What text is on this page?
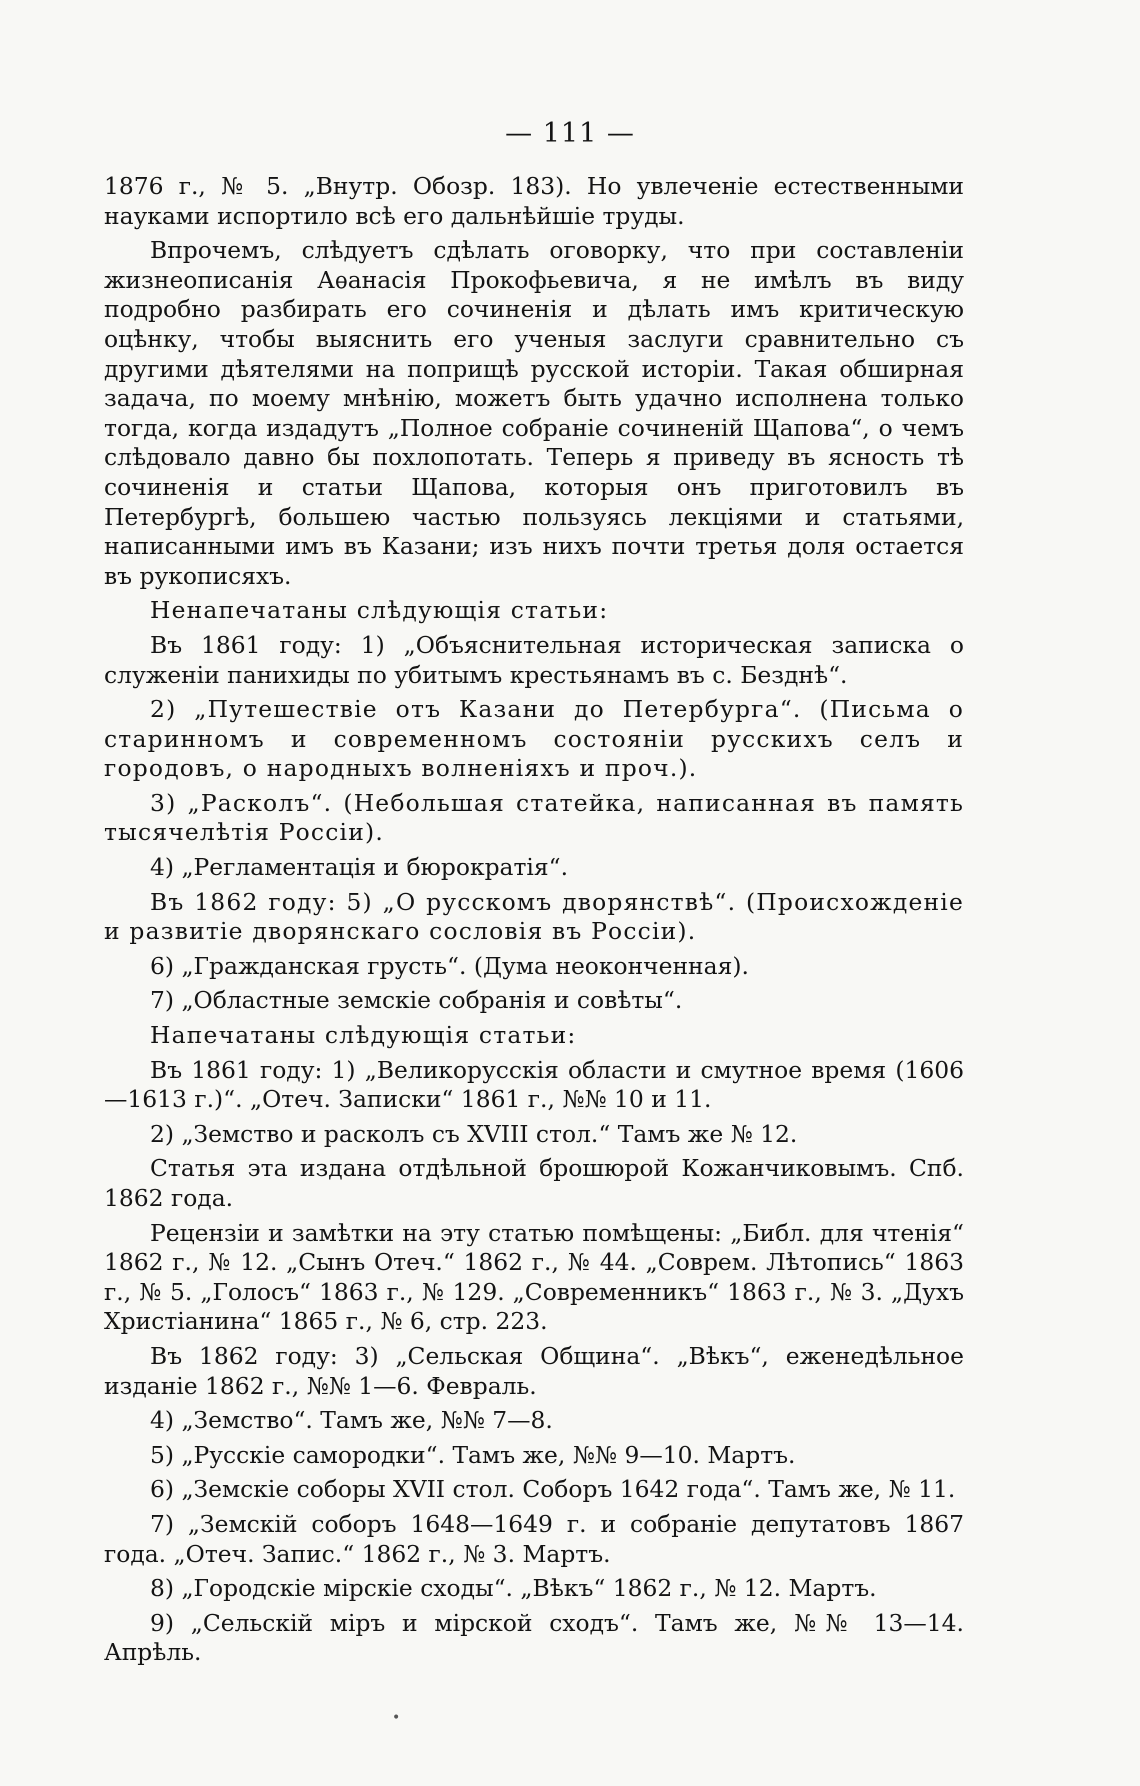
— 111 —

1876 г., № 5. „Внутр. Обозр. 183). Но увлеченіе естественными науками испортило всѣ его дальнѣйшіе труды.

Впрочемъ, слѣдуетъ сдѣлать оговорку, что при составленіи жизнеописанія Аѳанасія Прокофьевича, я не имѣлъ въ виду подробно разбирать его сочиненія и дѣлать имъ критическую оцѣнку, чтобы выяснить его ученыя заслуги сравнительно съ другими дѣятелями на поприщѣ русской исторіи. Такая обширная задача, по моему мнѣнію, можетъ быть удачно исполнена только тогда, когда издадутъ „Полное собраніе сочиненій Щапова“, о чемъ слѣдовало давно бы похлопотать. Теперь я приведу въ ясность тѣ сочиненія и статьи Щапова, которыя онъ приготовилъ въ Петербургѣ, большею частью пользуясь лекціями и статьями, написанными имъ въ Казани; изъ нихъ почти третья доля остается въ рукописяхъ.

Ненапечатаны слѣдующія статьи:

Въ 1861 году: 1) „Объяснительная историческая записка о служеніи панихиды по убитымъ крестьянамъ въ с. Безднѣ“.

2) „Путешествіе отъ Казани до Петербурга“. (Письма о старинномъ и современномъ состояніи русскихъ селъ и городовъ, о народныхъ волненіяхъ и проч.).

3) „Расколъ“. (Небольшая статейка, написанная въ память тысячелѣтія Россіи).

4) „Регламентація и бюрократія“.

Въ 1862 году: 5) „О русскомъ дворянствѣ“. (Происхожденіе и развитіе дворянскаго сословія въ Россіи).

6) „Гражданская грусть“. (Дума неоконченная).

7) „Областные земскіе собранія и совѣты“.

Напечатаны слѣдующія статьи:

Въ 1861 году: 1) „Великорусскія области и смутное время (1606—1613 г.)“. „Отеч. Записки“ 1861 г., №№ 10 и 11.

2) „Земство и расколъ съ XVIII стол.“ Тамъ же № 12.

Статья эта издана отдѣльной брошюрой Кожанчиковымъ. Спб. 1862 года.

Рецензіи и замѣтки на эту статью помѣщены: „Библ. для чтенія“ 1862 г., № 12. „Сынъ Отеч.“ 1862 г., № 44. „Соврем. Лѣтопись“ 1863 г., № 5. „Голосъ“ 1863 г., № 129. „Современникъ“ 1863 г., № 3. „Духъ Христіанина“ 1865 г., № 6, стр. 223.

Въ 1862 году: 3) „Сельская Община“. „Вѣкъ“, еженедѣльное изданіе 1862 г., №№ 1—6. Февраль.

4) „Земство“. Тамъ же, №№ 7—8.

5) „Русскіе самородки“. Тамъ же, №№ 9—10. Мартъ.

6) „Земскіе соборы XVII стол. Соборъ 1642 года“. Тамъ же, № 11.

7) „Земскій соборъ 1648—1649 г. и собраніе депутатовъ 1867 года. „Отеч. Запис.“ 1862 г., № 3. Мартъ.

8) „Городскіе мірскіе сходы“. „Вѣкъ“ 1862 г., № 12. Мартъ.

9) „Сельскій міръ и мірской сходъ“. Тамъ же, №№ 13—14. Апрѣль.

•
